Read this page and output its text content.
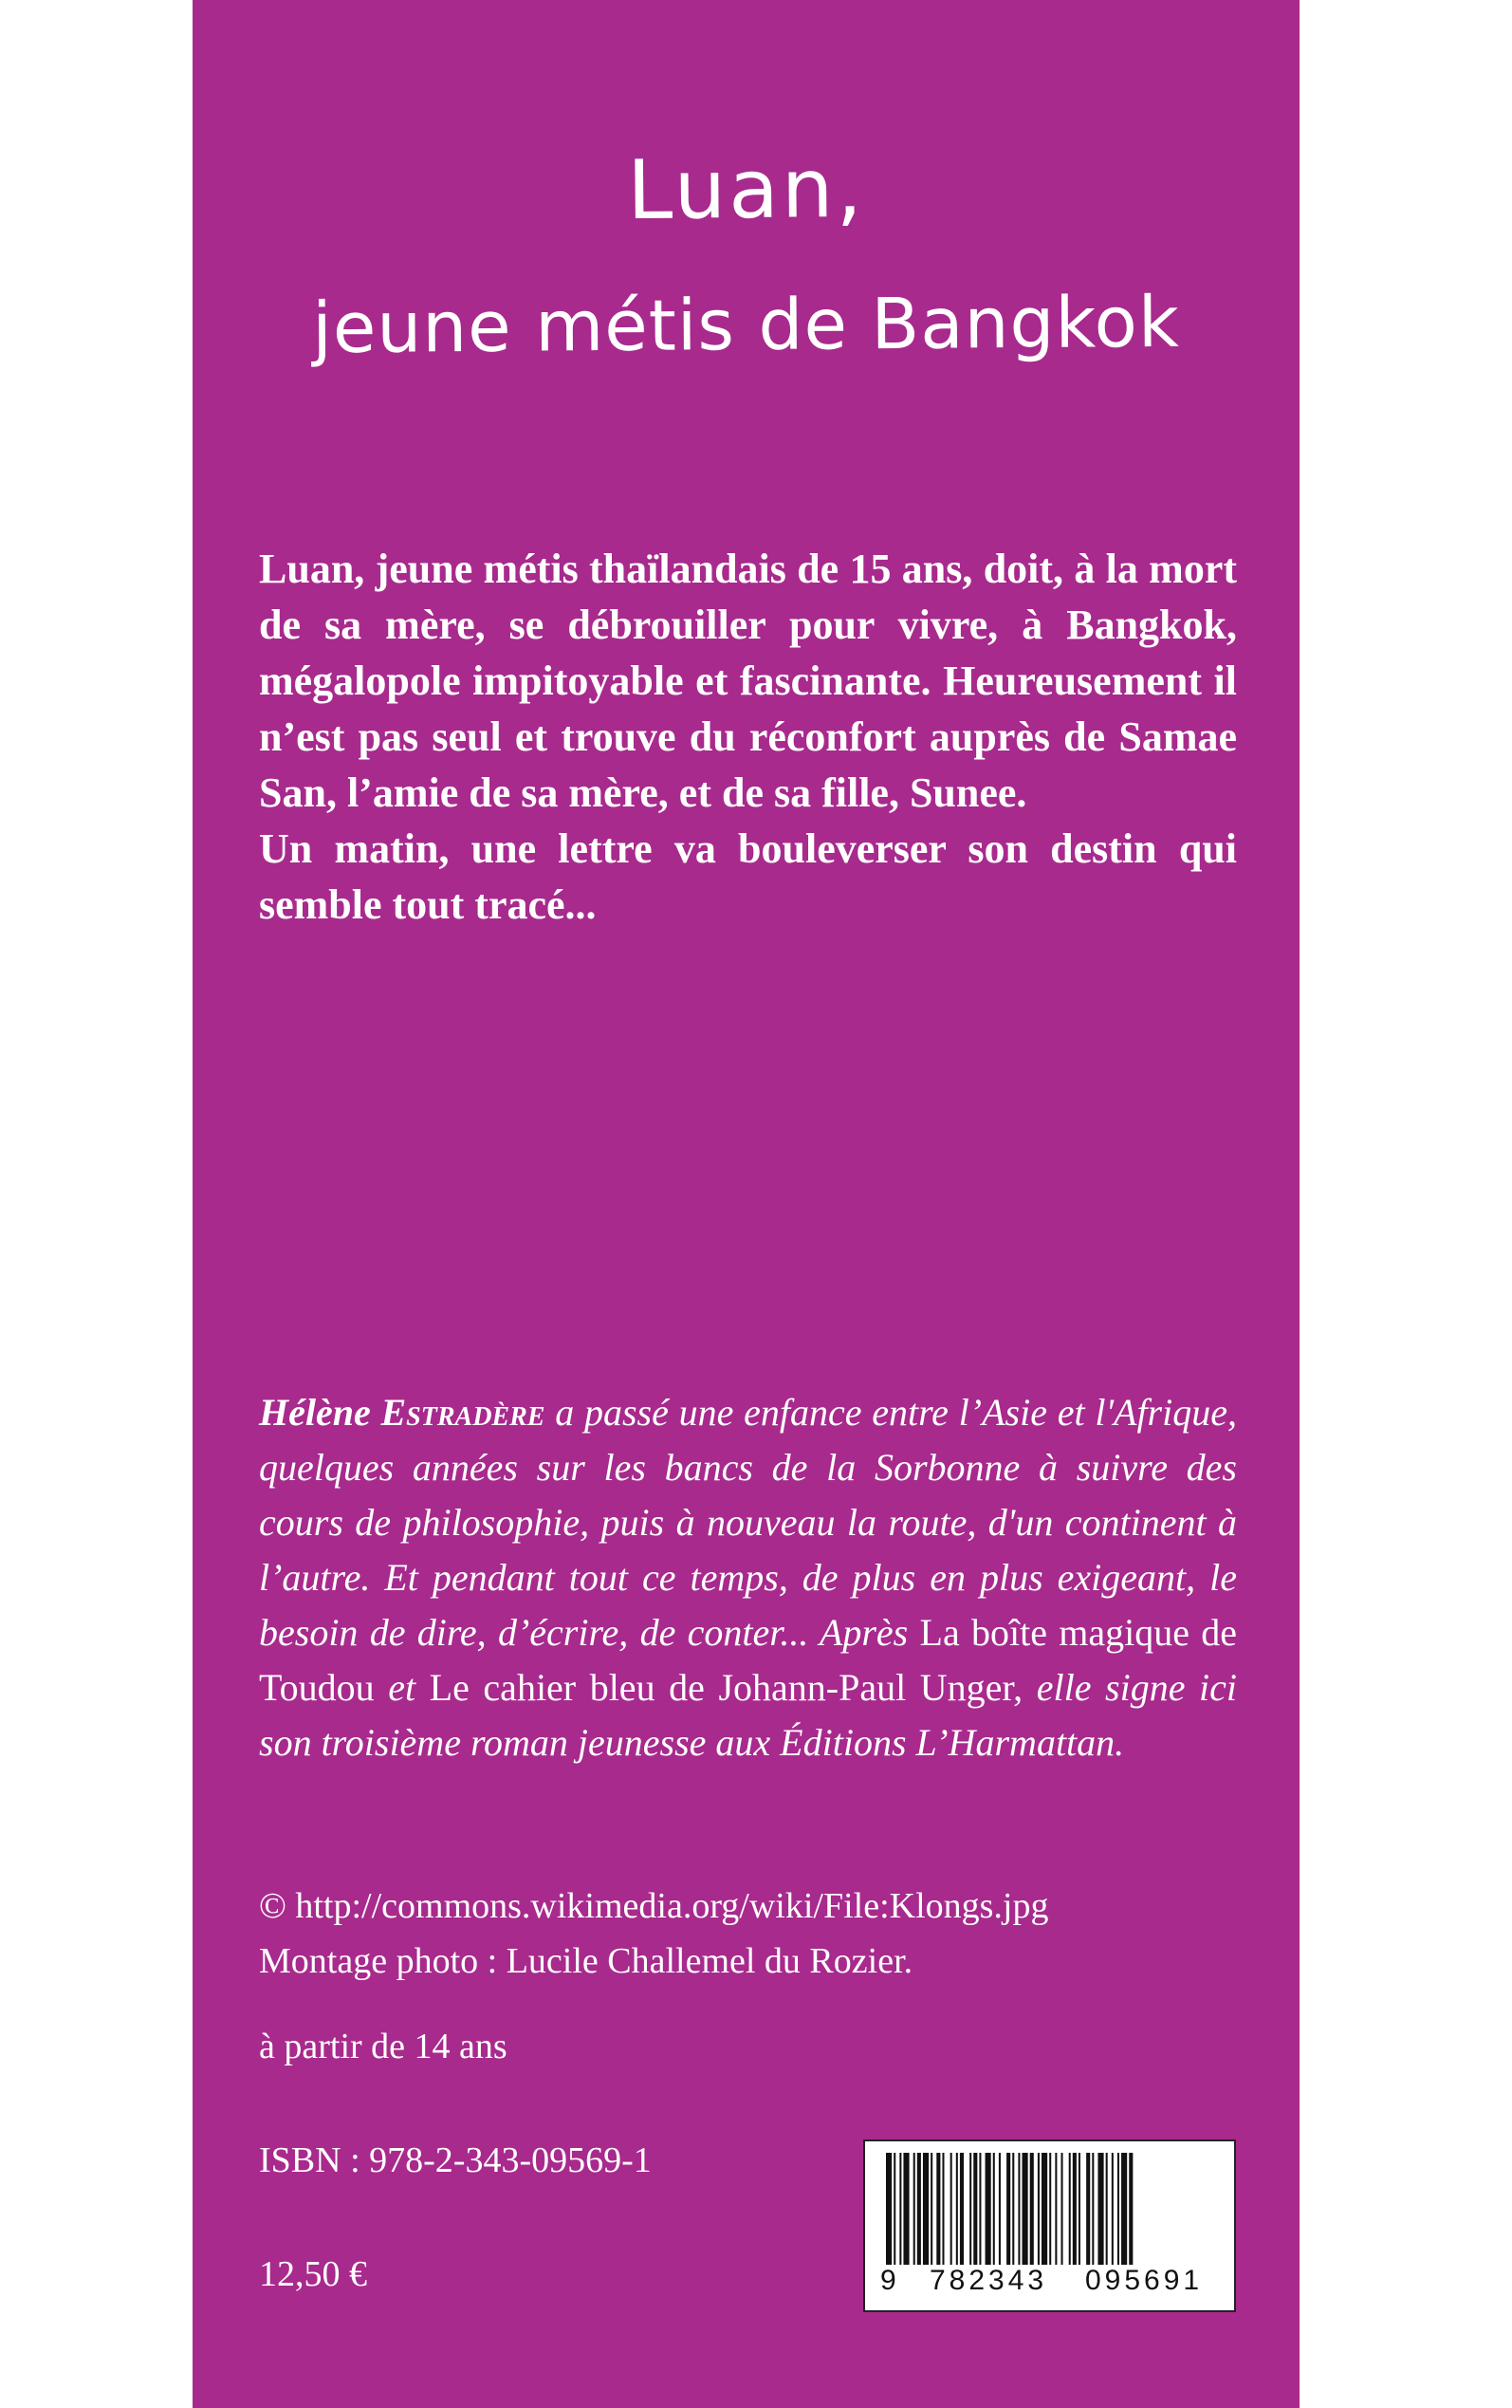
Luan,
jeune métis de Bangkok

Luan, jeune métis thaïlandais de 15 ans, doit, à la mort de sa mère, se débrouiller pour vivre, à Bangkok, mégalopole impitoyable et fascinante. Heureusement il n’est pas seul et trouve du réconfort auprès de Samae San, l’amie de sa mère, et de sa fille, Sunee.

Un matin, une lettre va bouleverser son destin qui semble tout tracé...

Hélène Estradère a passé une enfance entre l’Asie et l'Afrique, quelques années sur les bancs de la Sorbonne à suivre des cours de philosophie, puis à nouveau la route, d'un continent à l’autre. Et pendant tout ce temps, de plus en plus exigeant, le besoin de dire, d’écrire, de conter... Après La boîte magique de Toudou et Le cahier bleu de Johann-Paul Unger, elle signe ici son troisième roman jeunesse aux Éditions L’Harmattan.

© http://commons.wikimedia.org/wiki/File:Klongs.jpg
Montage photo : Lucile Challemel du Rozier.
à partir de 14 ans
ISBN : 978-2-343-09569-1
12,50 €	9 782343 095691
